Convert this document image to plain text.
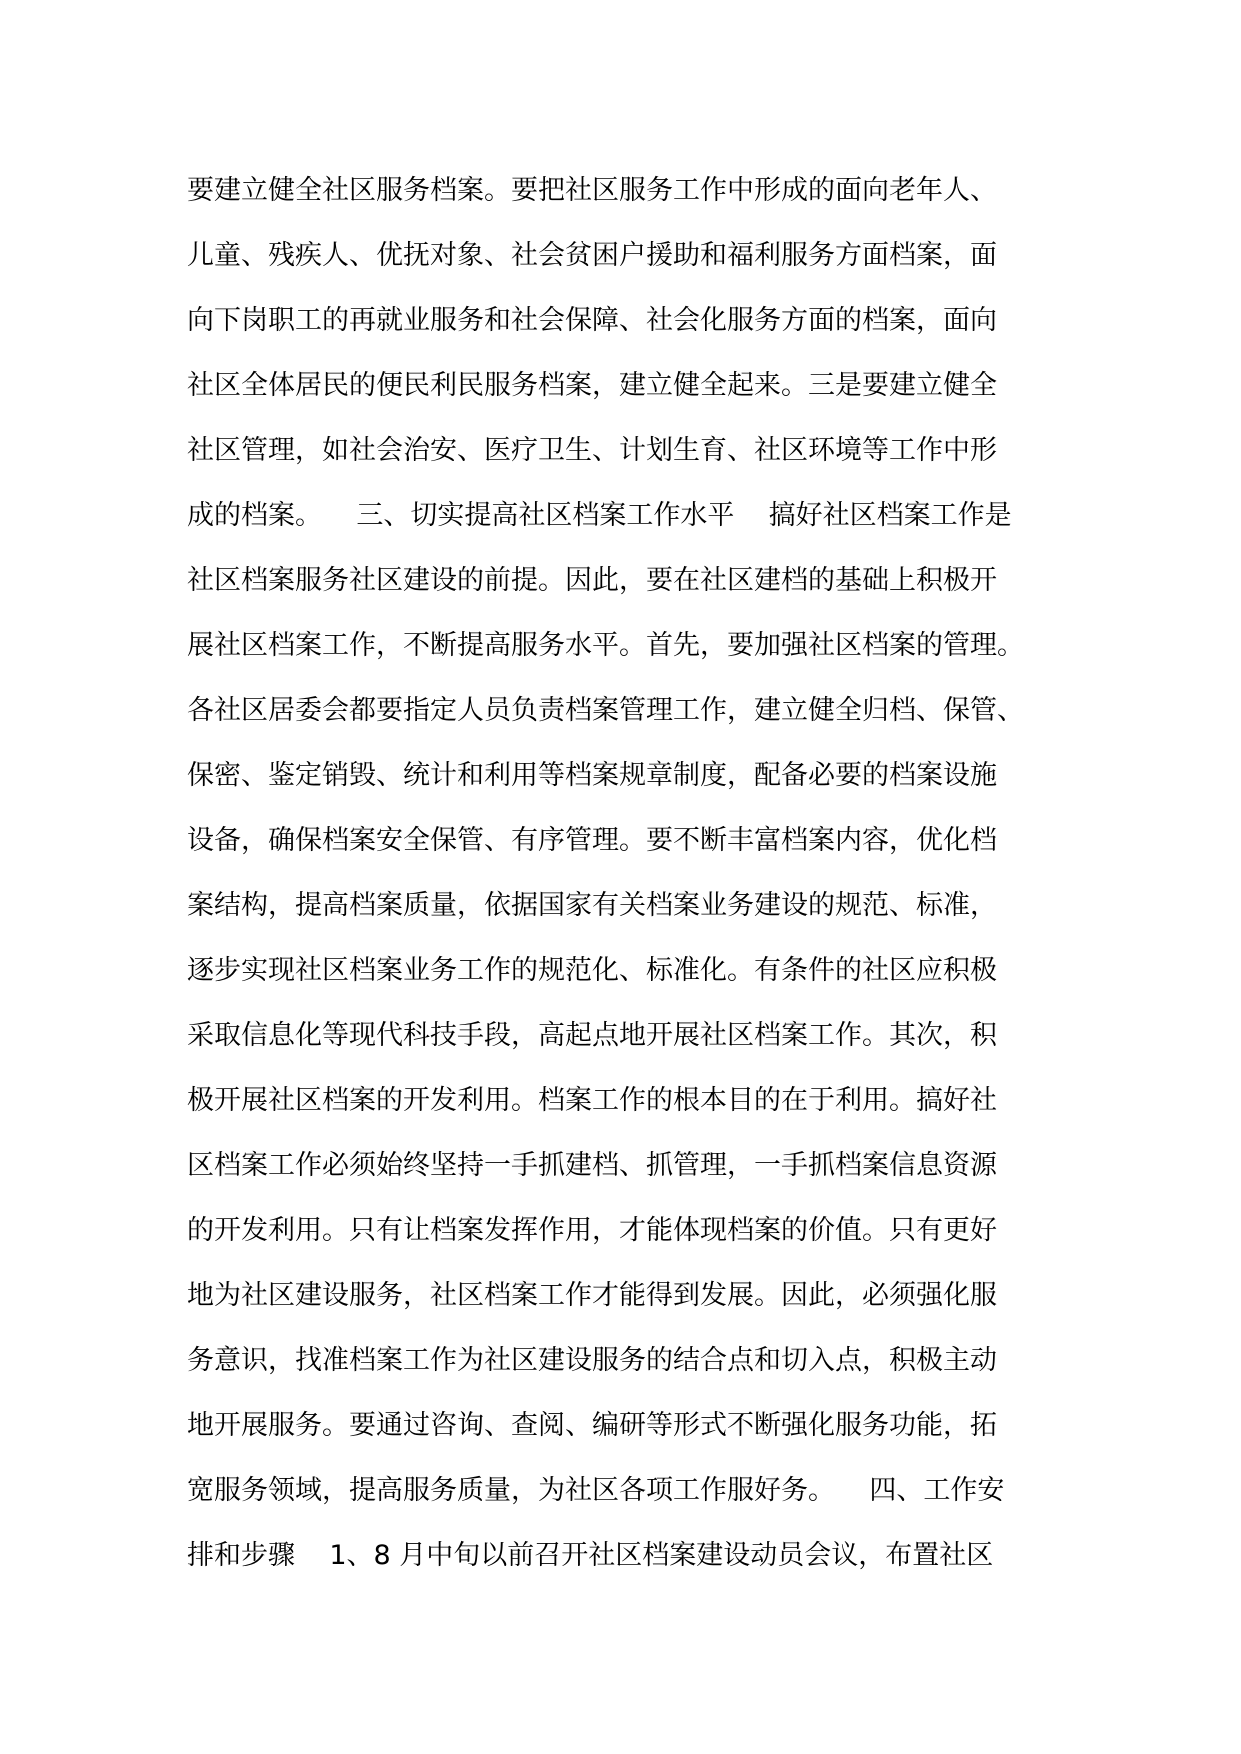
要建立健全社区服务档案。要把社区服务工作中形成的面向老年人、
儿童、残疾人、优抚对象、社会贫困户援助和福利服务方面档案，面
向下岗职工的再就业服务和社会保障、社会化服务方面的档案，面向
社区全体居民的便民利民服务档案，建立健全起来。三是要建立健全
社区管理，如社会治安、医疗卫生、计划生育、社区环境等工作中形
成的档案。    三、切实提高社区档案工作水平    搞好社区档案工作是
社区档案服务社区建设的前提。因此，要在社区建档的基础上积极开
展社区档案工作，不断提高服务水平。首先，要加强社区档案的管理。
各社区居委会都要指定人员负责档案管理工作，建立健全归档、保管、
保密、鉴定销毁、统计和利用等档案规章制度，配备必要的档案设施
设备，确保档案安全保管、有序管理。要不断丰富档案内容，优化档
案结构，提高档案质量，依据国家有关档案业务建设的规范、标准，
逐步实现社区档案业务工作的规范化、标准化。有条件的社区应积极
采取信息化等现代科技手段，高起点地开展社区档案工作。其次，积
极开展社区档案的开发利用。档案工作的根本目的在于利用。搞好社
区档案工作必须始终坚持一手抓建档、抓管理，一手抓档案信息资源
的开发利用。只有让档案发挥作用，才能体现档案的价值。只有更好
地为社区建设服务，社区档案工作才能得到发展。因此，必须强化服
务意识，找准档案工作为社区建设服务的结合点和切入点，积极主动
地开展服务。要通过咨询、查阅、编研等形式不断强化服务功能，拓
宽服务领域，提高服务质量，为社区各项工作服好务。    四、工作安
排和步骤    1、8 月中旬以前召开社区档案建设动员会议，布置社区
